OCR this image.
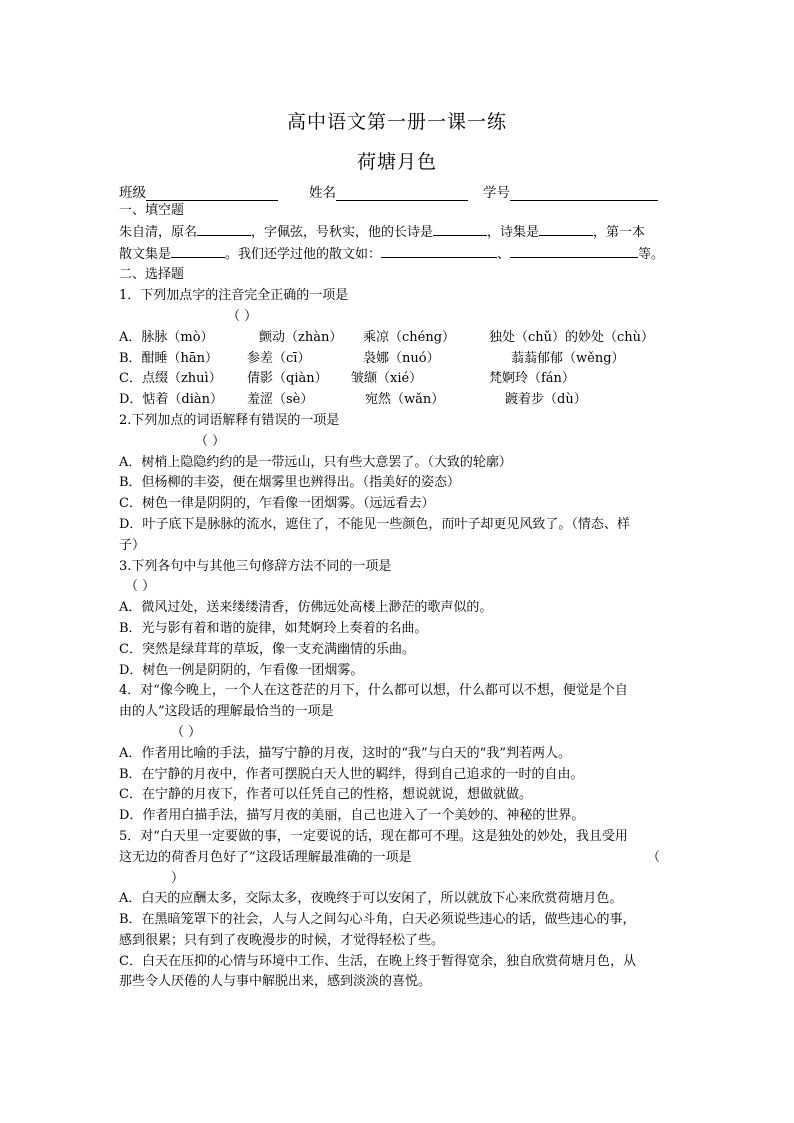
高中语文第一册一课一练
荷塘月色
班级	姓名	学号

一、填空题

朱自清，原名	，字佩弦，号秋实，他的长诗是	，诗集是	，第一本

散文集是	。我们还学过他的散文如：	、	等。

二、选择题

1．下列加点字的注音完全正确的一项是

（ ）

A．脉脉（mò）	颤动（zhàn） 乘凉（chéng）	独处（chǔ）的妙处（chù）

B．酣睡（hān） 参差（cī）	袅娜（nuó）	蓊蓊郁郁（wěng）

C．点缀（zhuì） 倩影（qiàn） 皱缬（xié）	梵婀玲（fán）

D．惦着（diàn） 羞涩（sè）	宛然（wǎn）	踱着步（dù）

2.下列加点的词语解释有错误的一项是

（ ）

A．树梢上隐隐约约的是一带远山，只有些大意罢了。（大致的轮廓）

B．但杨柳的丰姿，便在烟雾里也辨得出。（指美好的姿态）

C．树色一律是阴阴的，乍看像一团烟雾。（远远看去）

D．叶子底下是脉脉的流水，遮住了，不能见一些颜色，而叶子却更见风致了。（情态、样

子）

3.下列各句中与其他三句修辞方法不同的一项是

（ ）

A．微风过处，送来缕缕清香，仿佛远处高楼上渺茫的歌声似的。

B．光与影有着和谐的旋律，如梵婀玲上奏着的名曲。

C．突然是绿茸茸的草坂，像一支充满幽情的乐曲。

D．树色一例是阴阴的，乍看像一团烟雾。

4．对“像今晚上，一个人在这苍茫的月下，什么都可以想，什么都可以不想，便觉是个自

由的人”这段话的理解最恰当的一项是

（ ）

A．作者用比喻的手法，描写宁静的月夜，这时的“我”与白天的“我”判若两人。

B．在宁静的月夜中，作者可摆脱白天人世的羁绊，得到自己追求的一时的自由。

C．在宁静的月夜下，作者可以任凭自己的性格，想说就说，想做就做。

D．作者用白描手法，描写月夜的美丽，自己也进入了一个美妙的、神秘的世界。

5．对“白天里一定要做的事，一定要说的话，现在都可不理。这是独处的妙处，我且受用

这无边的荷香月色好了”这段话理解最准确的一项是	（

）

A．白天的应酬太多，交际太多，夜晚终于可以安闲了，所以就放下心来欣赏荷塘月色。

B．在黑暗笼罩下的社会，人与人之间勾心斗角，白天必须说些违心的话，做些违心的事，

感到很累；只有到了夜晚漫步的时候，才觉得轻松了些。

C．白天在压抑的心情与环境中工作、生活，在晚上终于暂得宽余，独自欣赏荷塘月色，从

那些令人厌倦的人与事中解脱出来，感到淡淡的喜悦。
